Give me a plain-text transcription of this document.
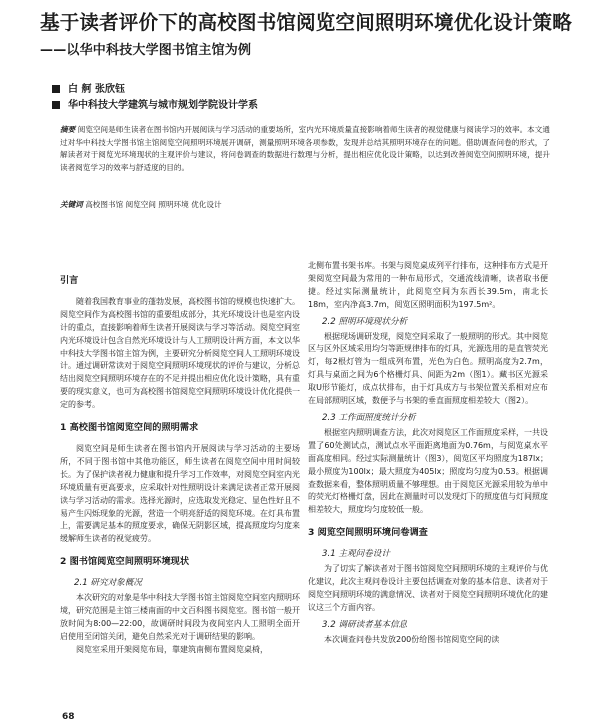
基于读者评价下的高校图书馆阅览空间照明环境优化设计策略——以华中科技大学图书馆主馆为例
白 舸 张欣钰
华中科技大学建筑与城市规划学院设计学系

摘要 阅览空间是师生读者在图书馆内开展阅读与学习活动的重要场所，室内光环境质量直接影响着师生读者的视觉健康与阅读学习的效率。本文通过对华中科技大学图书馆主馆阅览空间照明环境展开调研，测量照明环境各项参数，发现并总结其照明环境存在的问题。借助调查问卷的形式，了解读者对于阅览光环境现状的主观评价与建议，将问卷调查的数据进行数理与分析，提出相应优化设计策略，以达到改善阅览空间照明环境，提升读者阅览学习的效率与舒适度的目的。

关键词 高校图书馆 阅览空间 照明环境 优化设计
引言

随着我国教育事业的蓬勃发展，高校图书馆的规模也快速扩大。阅览空间作为高校图书馆的重要组成部分，其光环境设计也是室内设计的重点，直接影响着师生读者开展阅读与学习等活动。阅览空间室内光环境设计包含自然光环境设计与人工照明设计两方面，本文以华中科技大学图书馆主馆为例，主要研究分析阅览空间人工照明环境设计。通过调研常读对于阅览空间照明环境现状的评价与建议，分析总结出阅览空间照明环境存在的不足并提出相应优化设计策略，具有重要的现实意义，也可为高校图书馆阅览空间照明环境设计优化提供一定的参考。

1 高校图书馆阅览空间的照明需求

阅览空间是师生读者在图书馆内开展阅读与学习活动的主要场所，不同于图书馆中其他功能区，师生读者在阅览空间中用时间较长。为了保护读者视力健康和提升学习工作效率，对阅览空间室内光环境质量有更高要求，应采取针对性照明设计来满足读者正常开展阅读与学习活动的需求。选择光源时，应选取发光稳定、显色性好且不易产生闪烁现象的光源，营造一个明亮舒适的阅览环境。在灯具布置上，需要满足基本的照度要求，确保无阴影区域，提高照度均匀度来缓解师生读者的视觉疲劳。

2 图书馆阅览空间照明环境现状
2.1 研究对象概况

本次研究的对象是华中科技大学图书馆主馆阅览空间室内照明环境，研究范围是主馆三楼南面的中文百科图书阅览室。图书馆一般开放时间为8:00—22:00，故调研时间段为夜间室内人工照明全面开启使用至闭馆关闭，避免自然采光对于调研结果的影响。

阅览室采用开架阅览布局，靠建筑南侧布置阅览桌椅，

北侧布置书架书库。书架与阅览桌成列平行排布，这种排布方式是开架阅览空间最为常用的一种布局形式，交通流线清晰，读者取书便捷。经过实际测量统计，此阅览空间为东西长39.5m，南北长18m，室内净高3.7m，阅览区照明面积为197.5m²。

2.2 照明环境现状分析

根据现场调研发现，阅览空间采取了一般照明的形式。其中阅览区与区外区域采用均匀等距规律排布的灯具，光源选用的是直管荧光灯，每2根灯管为一组成列布置，光色为白色。照明高度为2.7m，灯具与桌面之间为6个格栅灯具、间距为2m（图1）。藏书区光源采取U形节能灯，成点状排布，由于灯具成方与书架位置关系相对应布在局部照明区域，数便予与书架的垂直面照度相差较大（图2）。

2.3 工作面照度统计分析

根据室内照明调查方法，此次对阅览区工作面照度采样，一共设置了60处测试点，测试点水平面距离地面为0.76m，与阅览桌水平面高度相同。经过实际测量统计（图3），阅览区平均照度为187lx；最小照度为100lx；最大照度为405lx；照度均匀度为0.53。根据调查数据来看，整体照明质量不够理想。由于阅览区光源采用较为单中的荧光灯格栅灯盘，因此在测量时可以发现灯下的照度值与灯间照度相差较大，照度均匀度较低一般。

3 阅览空间照明环境问卷调查
3.1 主观问卷设计

为了切实了解读者对于图书馆阅览空间照明环境的主观评价与优化建议，此次主观问卷设计主要包括调查对象的基本信息、读者对于阅览空间照明环境的满意情况、读者对于阅览空间照明环境优化的建议这三个方面内容。

3.2 调研读者基本信息

本次调查问卷共发放200份给图书馆阅览空间的读

68
